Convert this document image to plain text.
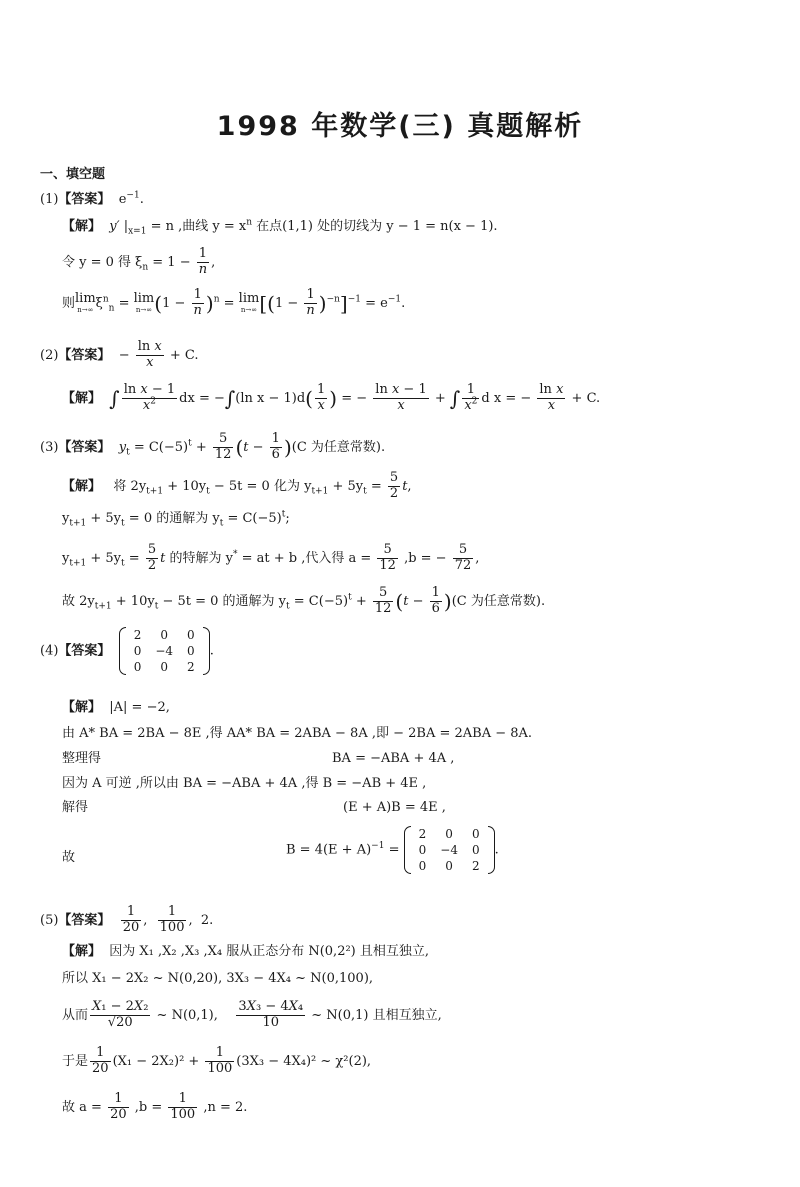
1998 年数学(三) 真题解析
一、填空题
(1)【答案】 $e^{-1}$.
【解】 y′ $|_{x=1} = n$ ,曲线 $y = x^n$ 在点(1,1) 处的切线为 y − 1 = n(x − 1).
令 y = 0 得 $\xi_n = 1 - \frac{1}{n}$ ,
则 lim
n→∞ $\xi^n_n = \lim$
n→∞ $(1 - \frac{1}{n} )^n = \lim$
n→∞ $[(1 - \frac{1}{n} )^{-n}]^{-1} = e^{-1}$.
(2)【答案】  − $\frac{\text{ln x}}{x} + C$.
【解】 ∫ $\frac{\text{ln x − 1}}{x^2}$ dx = −∫(ln $x - 1)d( \frac{1}{x}$ ) = − $\frac{\text{ln x − 1}}{x}$ + ∫ $\frac{1}{x^2}$ d x = − $\frac{\text{ln x}}{x} + C$.
(3)【答案】 $y_t = C(-5)^t + \frac{5}{12} (t - \frac{1}{6} )(C$ 为任意常数).
【解】 将 $2y_{t+1} + 10y_t - 5t = 0$ 化为 $y_{t+1} + 5y_t = \frac{5}{2} t$,
$y_{t+1} + 5y_t = 0$ 的通解为 $y_t = C(-5)^t$;
$y_{t+1} + 5y_t = \frac{5}{2}$ t 的特解为 y* = at + b ,代入得 $a = \frac{5}{12} ,b$ = − $\frac{5}{72}$ ,
故 $2y_{t+1} + 10y_t - 5t = 0$ 的通解为 $y_t = C(-5)^t + \frac{5}{12} (t - \frac{1}{6} )(C$ 为任意常数).
(4)【答案】
2	0	0
0	−4	0
0	0	2
.
【解】 |A| = −2,
由 A* BA = 2BA − 8E ,得 AA* BA = 2ABA − 8A ,即 − 2BA = 2ABA − 8A.
整理得	BA = −ABA + 4A ,
因为 A 可逆 ,所以由 BA = −ABA + 4A ,得 B = −AB + 4E ,
解得	(E + A)B = 4E ,
故	$B = 4(E + A)^{-1}$ =
2	0	0
0	−4	0
0	0	2
.
(5)【答案】 $\frac{1}{20}$ , $\frac{1}{100}$ ,  2.
【解】 因为 X₁ ,X₂ ,X₃ ,X₄ 服从正态分布 N(0,2²) 且相互独立,
所以 X₁ − 2X₂ ~ N(0,20), 3X₃ − 4X₄ ~ N(0,100),
从而 $\frac{\text{X₁ − 2X₂}}{√20}$ ~ N(0,1), $\frac{\text{3X₃ − 4X₄}}{10}$ ~ N(0,1) 且相互独立,
于是 $\frac{1}{20} (X_1 - 2X_2)^2 + \frac{1}{100} (3X_3 - 4X_4)^2$ ~ χ²(2),
故 $a = \frac{1}{20} ,b = \frac{1}{100} ,n = 2$.
